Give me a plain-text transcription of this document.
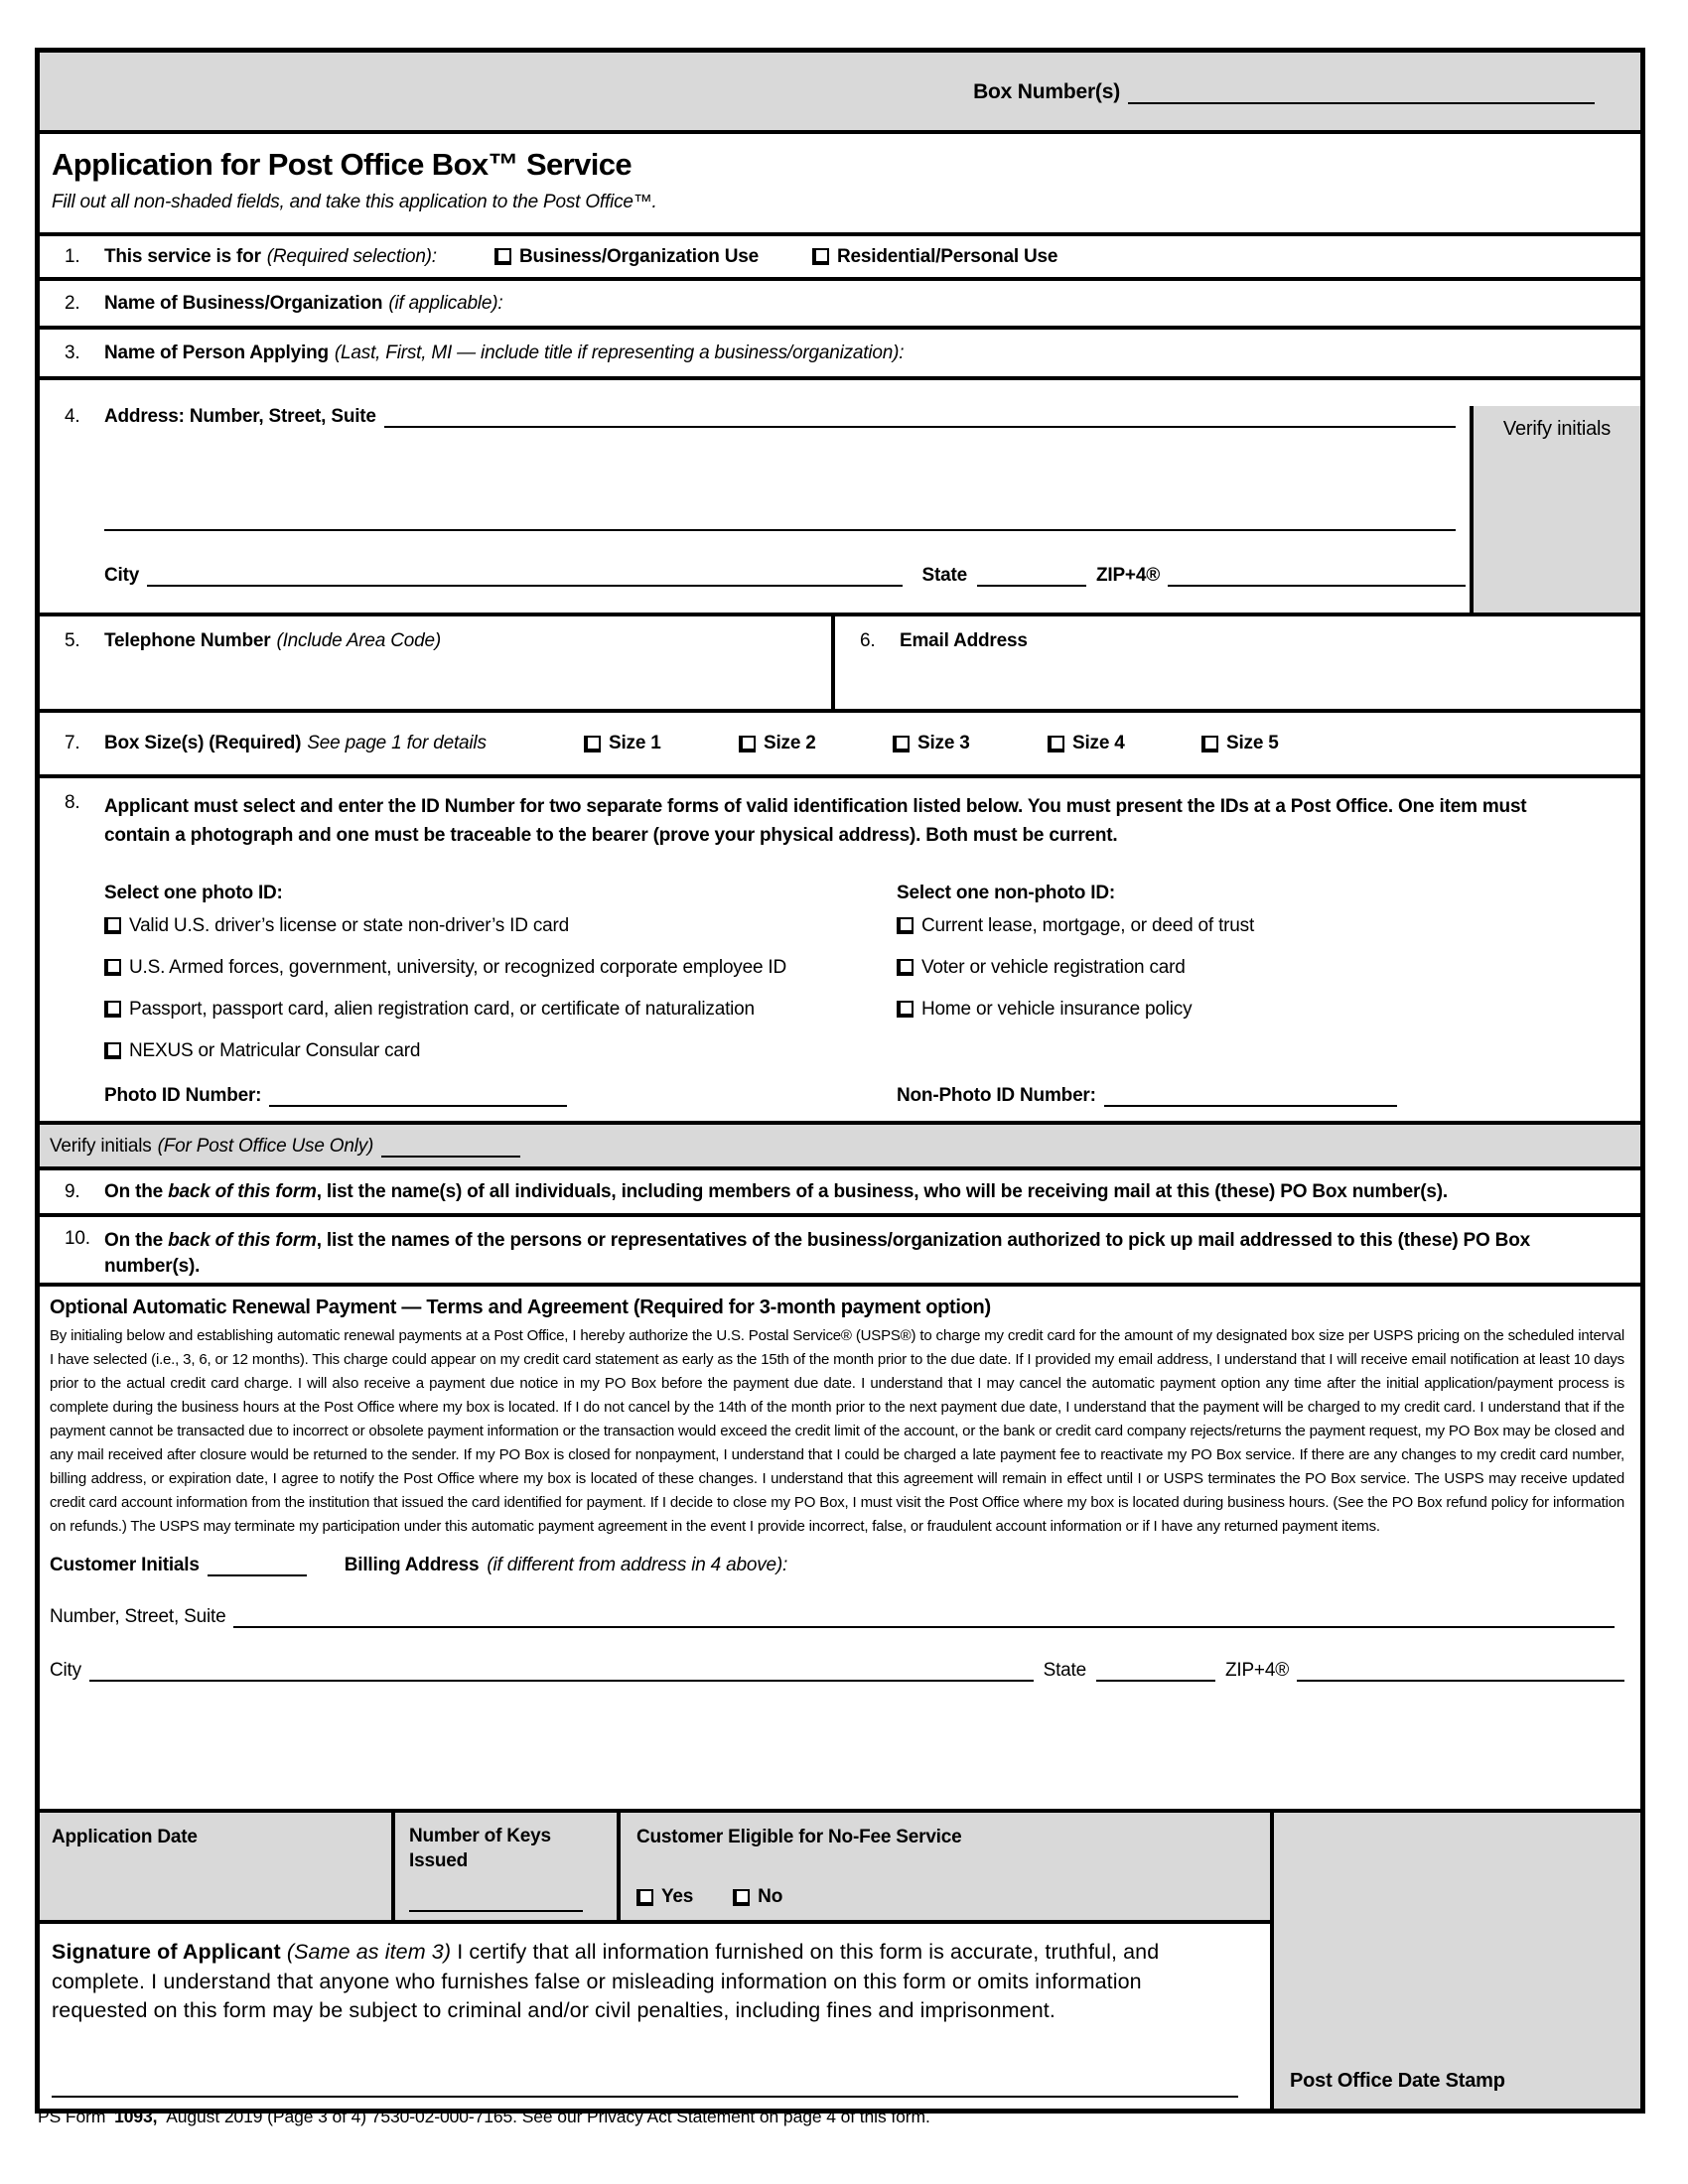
Box Number(s)
Application for Post Office Box™ Service
Fill out all non-shaded fields, and take this application to the Post Office™.
1.	This service is for (Required selection):	Business/Organization Use	Residential/Personal Use
2.	Name of Business/Organization (if applicable):
3.	Name of Person Applying (Last, First, MI — include title if representing a business/organization):
4.	Address: Number, Street, Suite
City	State	ZIP+4®
Verify initials
5.	Telephone Number (Include Area Code)	6.	Email Address
7.	Box Size(s) (Required) See page 1 for details	Size 1	Size 2	Size 3	Size 4	Size 5
8. Applicant must select and enter the ID Number for two separate forms of valid identification listed below. You must present the IDs at a Post Office. One item must contain a photograph and one must be traceable to the bearer (prove your physical address). Both must be current.
Select one photo ID:
Valid U.S. driver’s license or state non-driver’s ID card
U.S. Armed forces, government, university, or recognized corporate employee ID
Passport, passport card, alien registration card, or certificate of naturalization
NEXUS or Matricular Consular card
Select one non-photo ID:
Current lease, mortgage, or deed of trust
Voter or vehicle registration card
Home or vehicle insurance policy
Photo ID Number:	Non-Photo ID Number:
Verify initials (For Post Office Use Only)
9.	On the back of this form, list the name(s) of all individuals, including members of a business, who will be receiving mail at this (these) PO Box number(s).
10. On the back of this form, list the names of the persons or representatives of the business/organization authorized to pick up mail addressed to this (these) PO Box number(s).
Optional Automatic Renewal Payment — Terms and Agreement (Required for 3-month payment option)
By initialing below and establishing automatic renewal payments at a Post Office, I hereby authorize the U.S. Postal Service® (USPS®) to charge my credit card for the amount of my designated box size per USPS pricing on the scheduled interval I have selected (i.e., 3, 6, or 12 months). This charge could appear on my credit card statement as early as the 15th of the month prior to the due date. If I provided my email address, I understand that I will receive email notification at least 10 days prior to the actual credit card charge. I will also receive a payment due notice in my PO Box before the payment due date. I understand that I may cancel the automatic payment option any time after the initial application/payment process is complete during the business hours at the Post Office where my box is located. If I do not cancel by the 14th of the month prior to the next payment due date, I understand that the payment will be charged to my credit card. I understand that if the payment cannot be transacted due to incorrect or obsolete payment information or the transaction would exceed the credit limit of the account, or the bank or credit card company rejects/returns the payment request, my PO Box may be closed and any mail received after closure would be returned to the sender. If my PO Box is closed for nonpayment, I understand that I could be charged a late payment fee to reactivate my PO Box service. If there are any changes to my credit card number, billing address, or expiration date, I agree to notify the Post Office where my box is located of these changes. I understand that this agreement will remain in effect until I or USPS terminates the PO Box service. The USPS may receive updated credit card account information from the institution that issued the card identified for payment. If I decide to close my PO Box, I must visit the Post Office where my box is located during business hours. (See the PO Box refund policy for information on refunds.) The USPS may terminate my participation under this automatic payment agreement in the event I provide incorrect, false, or fraudulent account information or if I have any returned payment items.
Customer Initials	Billing Address (if different from address in 4 above):
Number, Street, Suite
City	State	ZIP+4®
Application Date	Number of Keys Issued
Customer Eligible for No-Fee Service
Yes	No
Signature of Applicant (Same as item 3) I certify that all information furnished on this form is accurate, truthful, and complete. I understand that anyone who furnishes false or misleading information on this form or omits information requested on this form may be subject to criminal and/or civil penalties, including fines and imprisonment.
Post Office Date Stamp
PS Form 1093, August 2019 (Page 3 of 4) 7530-02-000-7165. See our Privacy Act Statement on page 4 of this form.
